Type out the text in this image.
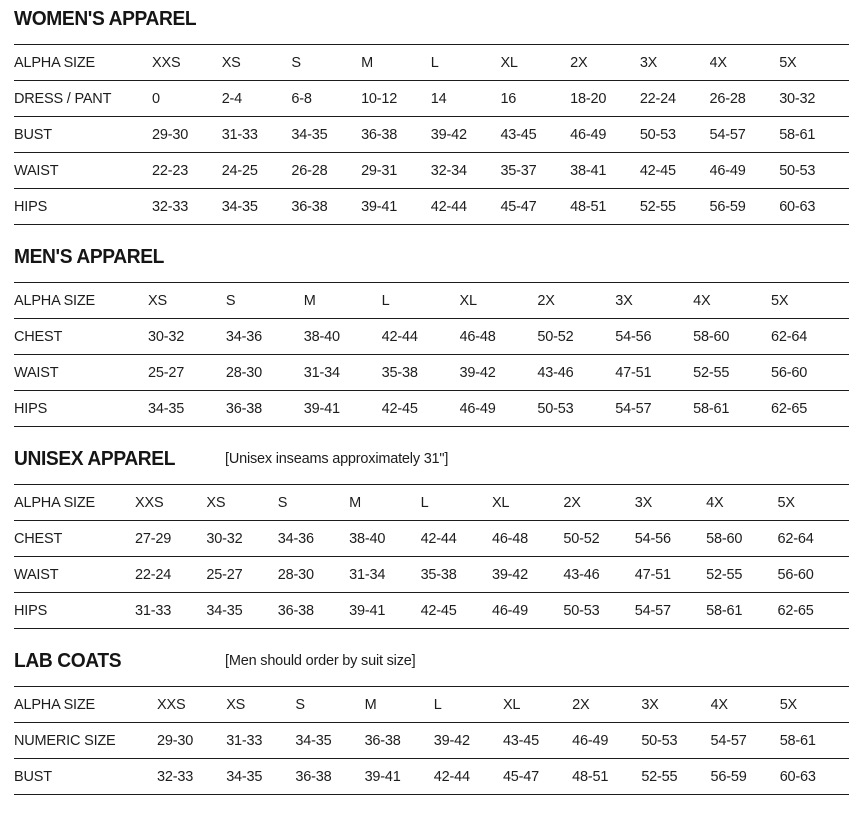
WOMEN'S APPAREL
ALPHA SIZE	XXS	XS	S	M	L	XL	2X	3X	4X	5X
DRESS / PANT	0	2-4	6-8	10-12	14	16	18-20	22-24	26-28	30-32
BUST	29-30	31-33	34-35	36-38	39-42	43-45	46-49	50-53	54-57	58-61
WAIST	22-23	24-25	26-28	29-31	32-34	35-37	38-41	42-45	46-49	50-53
HIPS	32-33	34-35	36-38	39-41	42-44	45-47	48-51	52-55	56-59	60-63
MEN'S APPAREL
ALPHA SIZE	XS	S	M	L	XL	2X	3X	4X	5X
CHEST	30-32	34-36	38-40	42-44	46-48	50-52	54-56	58-60	62-64
WAIST	25-27	28-30	31-34	35-38	39-42	43-46	47-51	52-55	56-60
HIPS	34-35	36-38	39-41	42-45	46-49	50-53	54-57	58-61	62-65
UNISEX APPAREL	[Unisex inseams approximately 31"]
ALPHA SIZE	XXS	XS	S	M	L	XL	2X	3X	4X	5X
CHEST	27-29	30-32	34-36	38-40	42-44	46-48	50-52	54-56	58-60	62-64
WAIST	22-24	25-27	28-30	31-34	35-38	39-42	43-46	47-51	52-55	56-60
HIPS	31-33	34-35	36-38	39-41	42-45	46-49	50-53	54-57	58-61	62-65
LAB COATS	[Men should order by suit size]
ALPHA SIZE	XXS	XS	S	M	L	XL	2X	3X	4X	5X
NUMERIC SIZE	29-30	31-33	34-35	36-38	39-42	43-45	46-49	50-53	54-57	58-61
BUST	32-33	34-35	36-38	39-41	42-44	45-47	48-51	52-55	56-59	60-63
